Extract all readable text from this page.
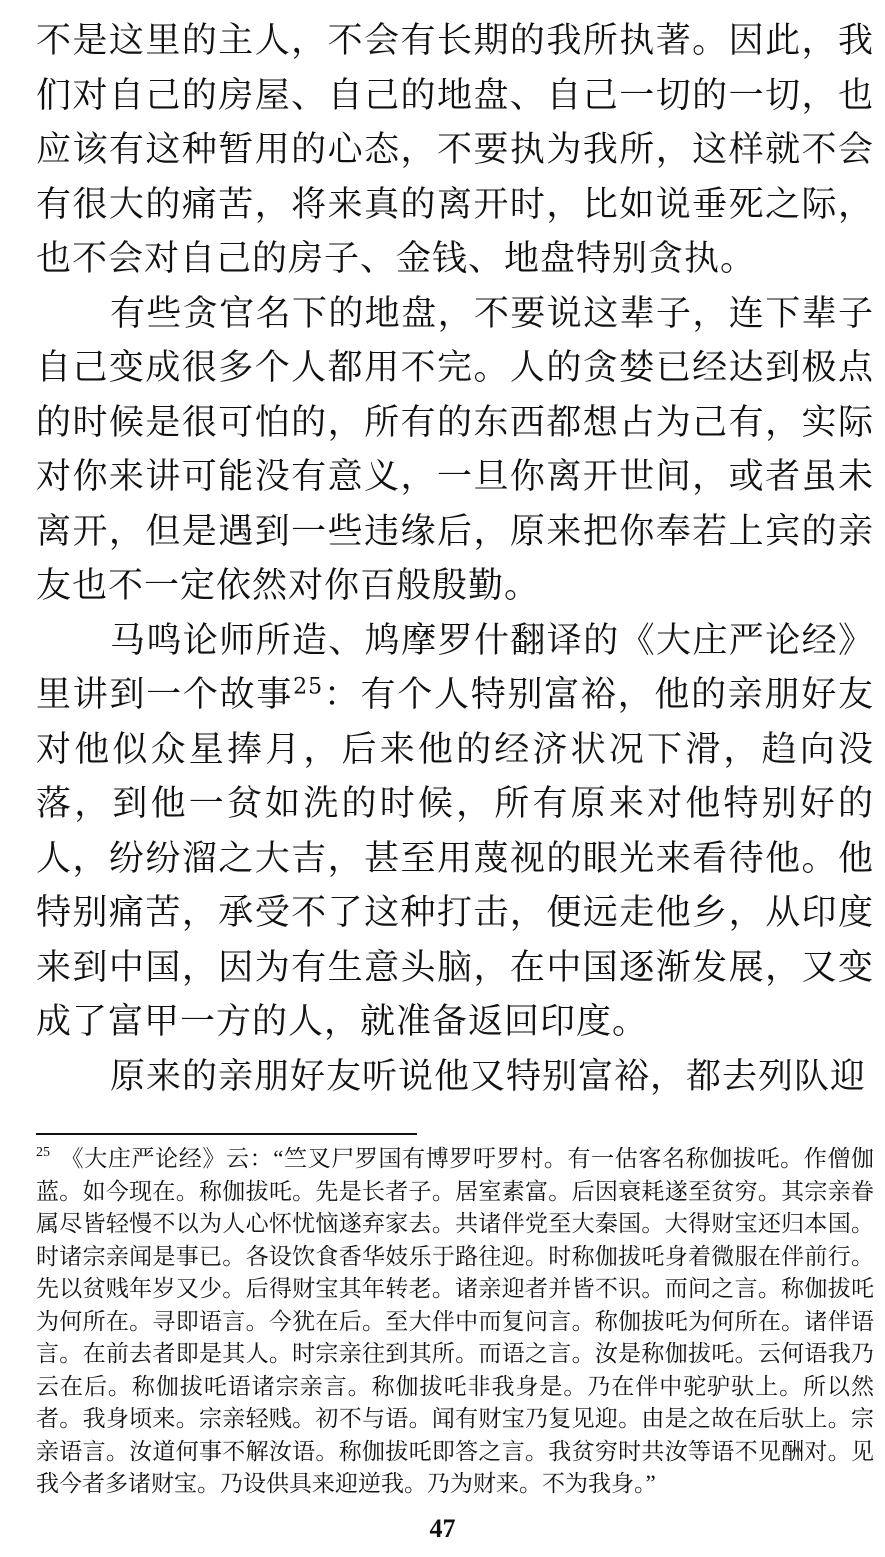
不是这里的主人，不会有长期的我所执著。因此，我们对自己的房屋、自己的地盘、自己一切的一切，也应该有这种暂用的心态，不要执为我所，这样就不会有很大的痛苦，将来真的离开时，比如说垂死之际，也不会对自己的房子、金钱、地盘特别贪执。

有些贪官名下的地盘，不要说这辈子，连下辈子自己变成很多个人都用不完。人的贪婪已经达到极点的时候是很可怕的，所有的东西都想占为己有，实际对你来讲可能没有意义，一旦你离开世间，或者虽未离开，但是遇到一些违缘后，原来把你奉若上宾的亲友也不一定依然对你百般殷勤。

马鸣论师所造、鸠摩罗什翻译的《大庄严论经》里讲到一个故事$^{25}$：有个人特别富裕，他的亲朋好友对他似众星捧月，后来他的经济状况下滑，趋向没落，到他一贫如洗的时候，所有原来对他特别好的人，纷纷溜之大吉，甚至用蔑视的眼光来看待他。他特别痛苦，承受不了这种打击，便远走他乡，从印度来到中国，因为有生意头脑，在中国逐渐发展，又变成了富甲一方的人，就准备返回印度。

原来的亲朋好友听说他又特别富裕，都去列队迎

$^{25}$ 《大庄严论经》云：“竺叉尸罗国有博罗吁罗村。有一估客名称伽拔吒。作僧伽蓝。如今现在。称伽拔吒。先是长者子。居室素富。后因衰耗遂至贫穷。其宗亲眷属尽皆轻慢不以为人心怀忧恼遂弃家去。共诸伴党至大秦国。大得财宝还归本国。时诸宗亲闻是事已。各设饮食香华妓乐于路往迎。时称伽拔吒身着微服在伴前行。先以贫贱年岁又少。后得财宝其年转老。诸亲迎者并皆不识。而问之言。称伽拔吒为何所在。寻即语言。今犹在后。至大伴中而复问言。称伽拔吒为何所在。诸伴语言。在前去者即是其人。时宗亲往到其所。而语之言。汝是称伽拔吒。云何语我乃云在后。称伽拔吒语诸宗亲言。称伽拔吒非我身是。乃在伴中驼驴驮上。所以然者。我身顷来。宗亲轻贱。初不与语。闻有财宝乃复见迎。由是之故在后驮上。宗亲语言。汝道何事不解汝语。称伽拔吒即答之言。我贫穷时共汝等语不见酬对。见我今者多诸财宝。乃设供具来迎逆我。乃为财来。不为我身。”
47
